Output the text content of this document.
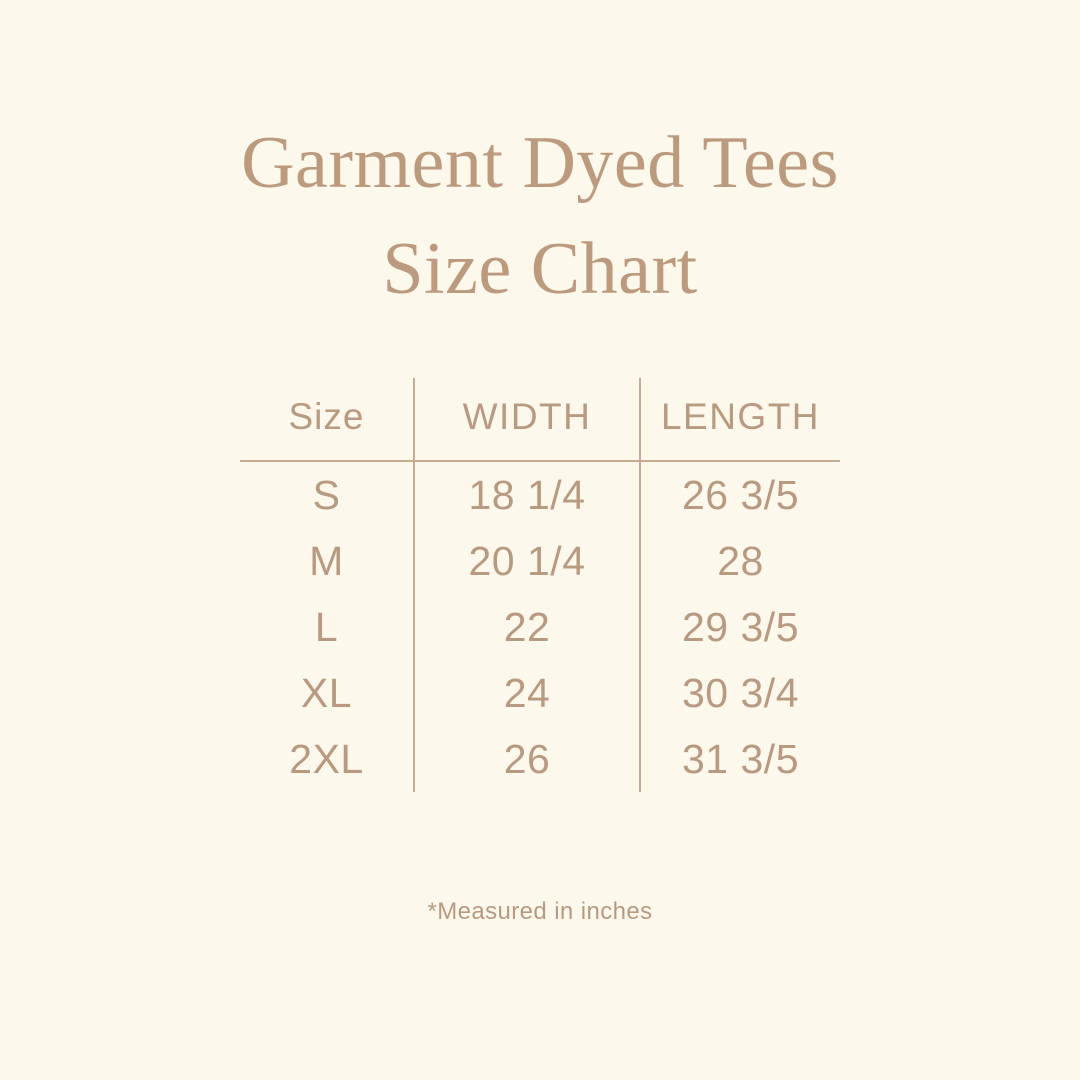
Garment Dyed Tees
Size Chart
Size	WIDTH	LENGTH
S	18 1/4	26 3/5
M	20 1/4	28
L	22	29 3/5
XL	24	30 3/4
2XL	26	31 3/5
*Measured in inches
